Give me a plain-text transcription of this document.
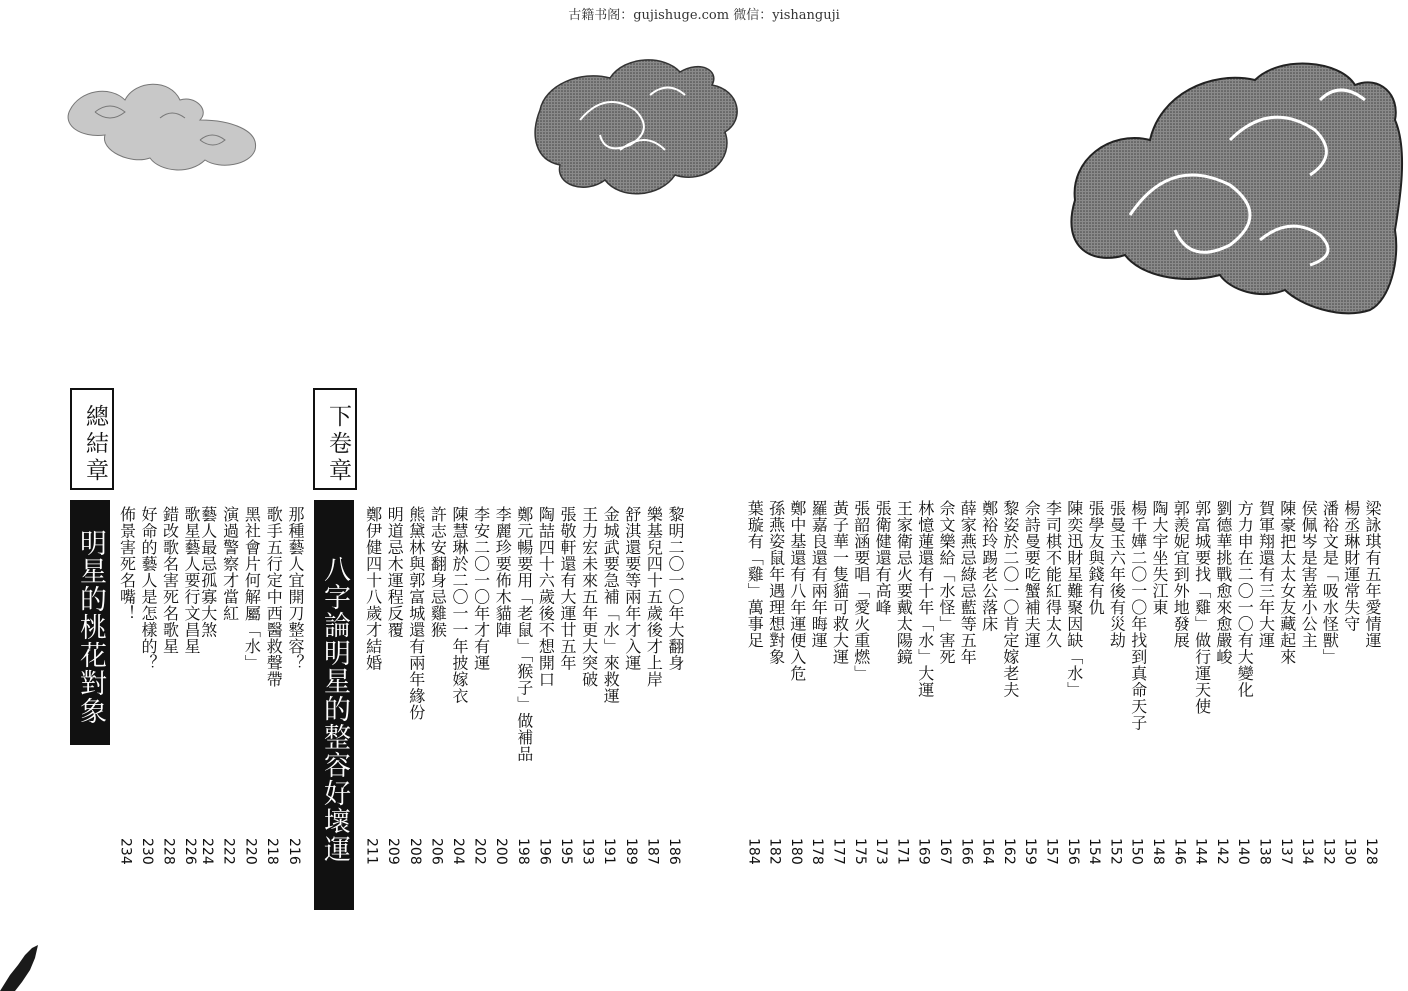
古籍书阁：gujishuge.com 微信：yishanguji
梁詠琪有五年愛情運
128
楊丞琳財運常失守
130
潘裕文是「吸水怪獸」
132
侯佩岑是害羞小公主
134
陳豪把太太女友藏起來
137
賀軍翔還有三年大運
138
方力申在二〇一〇有大變化
140
劉德華挑戰愈來愈嚴峻
142
郭富城要找「雞」做行運天使
144
郭羨妮宜到外地發展
146
陶大宇坐失江東
148
楊千嬅二〇一〇年找到真命天子
150
張曼玉六年後有災劫
152
張學友與錢有仇
154
陳奕迅財星難聚因缺「水」
156
李司棋不能紅得太久
157
佘詩曼要吃蟹補夫運
159
黎姿於二〇一〇肯定嫁老夫
162
鄭裕玲踢老公落床
164
薛家燕忌綠忌藍等五年
166
佘文樂給「水怪」害死
167
林憶蓮還有十年「水」大運
169
王家衛忌火要戴太陽鏡
171
張衛健還有高峰
173
張韶涵要唱「愛火重燃」
175
黃子華一隻貓可救大運
177
羅嘉良還有兩年晦運
178
鄭中基還有八年運便入危
180
孫燕姿鼠年遇理想對象
182
葉璇有「雞」萬事足
184
黎明二〇一〇年大翻身
186
樂基兒四十五歲後才上岸
187
舒淇還要等兩年才入運
189
金城武要急補「水」來救運
191
王力宏未來五年更大突破
193
張敬軒還有大運廿五年
195
陶喆四十六歲後不想開口
196
鄭元暢要用「老鼠」「猴子」做補品
198
李麗珍要佈木貓陣
200
李安二〇一〇年才有運
202
陳慧琳於二〇一一年披嫁衣
204
許志安翻身忌雞猴
206
熊黛林與郭富城還有兩年緣份
208
明道忌木運程反覆
209
鄭伊健四十八歲才結婚
211
下卷章
八字論明星的整容好壞運
那種藝人宜開刀整容？
216
歌手五行定中西醫救聲帶
218
黑社會片何解屬「水」
220
演過警察才當紅
222
藝人最忌孤寡大煞
224
總結章
明星的桃花對象	歌星藝人要行文昌星
226
錯改歌名害死名歌星
228
好命的藝人是怎樣的？
230
佈景害死名嘴！
234
